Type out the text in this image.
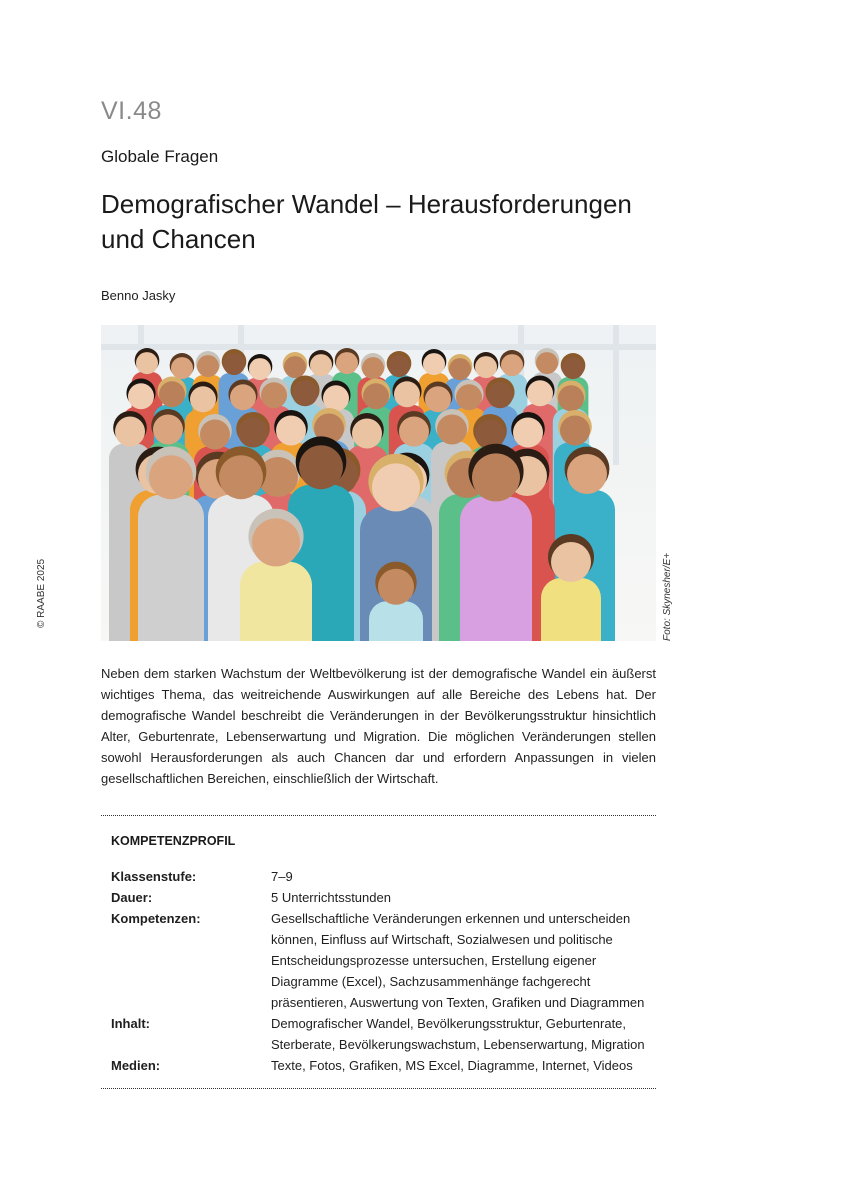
VI.48
Globale Fragen
Demografischer Wandel – Herausforderungen und Chancen
Benno Jasky
Foto: Skynesher/E+
© RAABE 2025

Neben dem starken Wachstum der Weltbevölkerung ist der demografische Wandel ein äußerst wichtiges Thema, das weitreichende Auswirkungen auf alle Bereiche des Lebens hat. Der demografische Wandel beschreibt die Veränderungen in der Bevölkerungsstruktur hinsichtlich Alter, Geburtenrate, Lebenserwartung und Migration. Die möglichen Veränderungen stellen sowohl Herausforderungen als auch Chancen dar und erfordern Anpassungen in vielen gesellschaftlichen Bereichen, einschließlich der Wirtschaft.

KOMPETENZPROFIL
Klassenstufe:	7–9
Dauer:	5 Unterrichtsstunden
Kompetenzen:	Gesellschaftliche Veränderungen erkennen und unterscheiden können, Einfluss auf Wirtschaft, Sozialwesen und politische Entscheidungsprozesse untersuchen, Erstellung eigener Diagramme (Excel), Sachzusammenhänge fachgerecht präsentieren, Auswertung von Texten, Grafiken und Diagrammen
Inhalt:	Demografischer Wandel, Bevölkerungsstruktur, Geburtenrate, Sterberate, Bevölkerungswachstum, Lebenserwartung, Migration
Medien:	Texte, Fotos, Grafiken, MS Excel, Diagramme, Internet, Videos
